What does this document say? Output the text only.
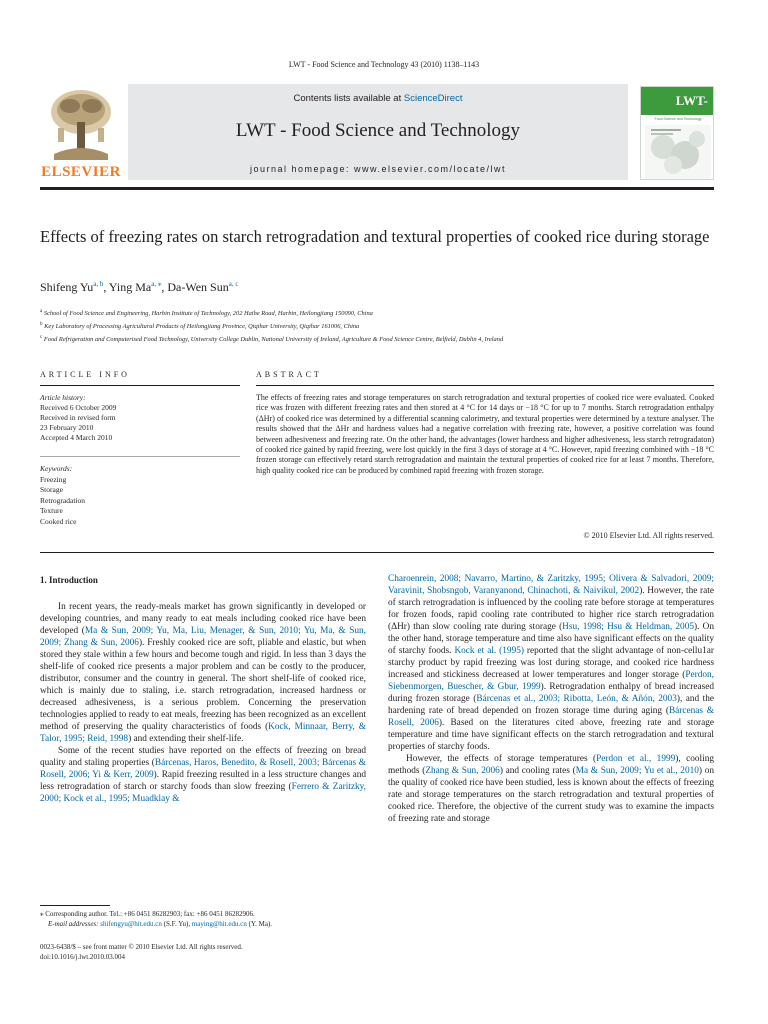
LWT - Food Science and Technology 43 (2010) 1138–1143
ELSEVIER
Contents lists available at ScienceDirect
LWT - Food Science and Technology
journal homepage: www.elsevier.com/locate/lwt
LWT-
Food Science and Technology
Effects of freezing rates on starch retrogradation and textural properties of cooked rice during storage
Shifeng Yu$^{a, b}$, Ying $Ma^{a, ⁎}$, Da-Wen Sun$^{a, c}$
$^a$ School of Food Science and Engineering, Harbin Institute of Technology, 202 Haihe Road, Harbin, Heilongjiang 150090, China
$^b$ Key Laboratory of Processing Agricultural Products of Heilongjiang Province, Qiqihar University, Qiqihar 161006, China
$^c$ Food Refrigeration and Computerised Food Technology, University College Dublin, National University of Ireland, Agriculture & Food Science Centre, Belfield, Dublin 4, Ireland
ARTICLE INFO	ABSTRACT
Article history:
Received 6 October 2009
Received in revised form
23 February 2010
Accepted 4 March 2010
Keywords:
Freezing
Storage
Retrogradation
Texture
Cooked rice
The effects of freezing rates and storage temperatures on starch retrogradation and textural properties of cooked rice were evaluated. Cooked rice was frozen with different freezing rates and then stored at 4 °C for 14 days or −18 °C for up to 7 months. Starch retrogradation enthalpy (ΔHr) of cooked rice was determined by a differential scanning calorimetry, and textural properties were determined by a texture analyser. The results showed that the ΔHr and hardness values had a negative correlation with freezing rate, however, a positive correlation was found between adhesiveness and freezing rate. On the other hand, the advantages (lower hardness and higher adhesiveness, less starch retrogradaton) of cooked rice gained by rapid freezing, were lost quickly in the first 3 days of storage at 4 °C. However, rapid freezing combined with −18 °C frozen storage can effectively retard starch retrogradation and maintain the textural properties of cooked rice for at least 7 months. Therefore, high quality cooked rice can be produced by combined rapid freezing with frozen storage.
© 2010 Elsevier Ltd. All rights reserved.
1. Introduction
In recent years, the ready-meals market has grown significantly in developed or developing countries, and many ready to eat meals including cooked rice have been developed (Ma & Sun, 2009; Yu, Ma, Liu, Menager, & Sun, 2010; Yu, Ma, & Sun, 2009; Zhang & Sun, 2006). Freshly cooked rice are soft, pliable and elastic, but when stored they stale within a few hours and become tough and rigid. In less than 3 days the shelf-life of cooked rice presents a major problem and can be costly to the producer, distributor, consumer and the country in general. The short shelf-life of cooked rice, which is mainly due to staling, i.e. starch retrogradation, increased hardness or decreased adhesiveness, is a serious problem. Concerning the preservation technologies applied to ready to eat meals, freezing has been recognized as an excellent method of preserving the quality characteristics of foods (Kock, Minnaar, Berry, & Talor, 1995; Reid, 1998) and extending their shelf-life.
Some of the recent studies have reported on the effects of freezing on bread quality and staling properties (Bárcenas, Haros, Benedito, & Rosell, 2003; Bárcenas & Rosell, 2006; Yi & Kerr, 2009). Rapid freezing resulted in a less structure changes and less retrogradation of starch or starchy foods than slow freezing (Ferrero & Zaritzky, 2000; Kock et al., 1995; Muadklay &
Charoenrein, 2008; Navarro, Martino, & Zaritzky, 1995; Olivera & Salvadori, 2009; Varavinit, Shobsngob, Varanyanond, Chinachoti, & Naivikul, 2002). However, the rate of starch retrogradation is influenced by the cooling rate before storage at temperatures for frozen foods, rapid cooling rate contributed to higher rice starch retrogradation (ΔHr) than slow cooling rate during storage (Hsu, 1998; Hsu & Heldman, 2005). On the other hand, storage temperature and time also have significant effects on the quality of starchy foods. Kock et al. (1995) reported that the slight advantage of non-cellu1ar starchy product by rapid freezing was lost during storage, and cooked rice hardness increased and stickiness decreased at lower temperatures and longer storage (Perdon, Siebenmorgen, Buescher, & Gbur, 1999). Retrogradation enthalpy of bread increased during frozen storage (Bárcenas et al., 2003; Ribotta, León, & Añón, 2003), and the hardening rate of bread depended on frozen storage time during aging (Bárcenas & Rosell, 2006). Based on the literatures cited above, freezing rate and storage temperature and time have significant effects on the starch retrogradation and textural properties of starchy foods.
However, the effects of storage temperatures (Perdon et al., 1999), cooling methods (Zhang & Sun, 2006) and cooling rates (Ma & Sun, 2009; Yu et al., 2010) on the quality of cooked rice have been studied, less is known about the effects of freezing rate and storage temperatures on the starch retrogradation and textural properties of cooked rice. Therefore, the objective of the current study was to examine the impacts of freezing rate and storage
⁎ Corresponding author. Tel.: +86 0451 86282903; fax: +86 0451 86282906.
E-mail addresses: shifengyu@hit.edu.cn (S.F. Yu), maying@hit.edu.cn (Y. Ma).
0023-6438/$ – see front matter © 2010 Elsevier Ltd. All rights reserved.
doi:10.1016/j.lwt.2010.03.004
